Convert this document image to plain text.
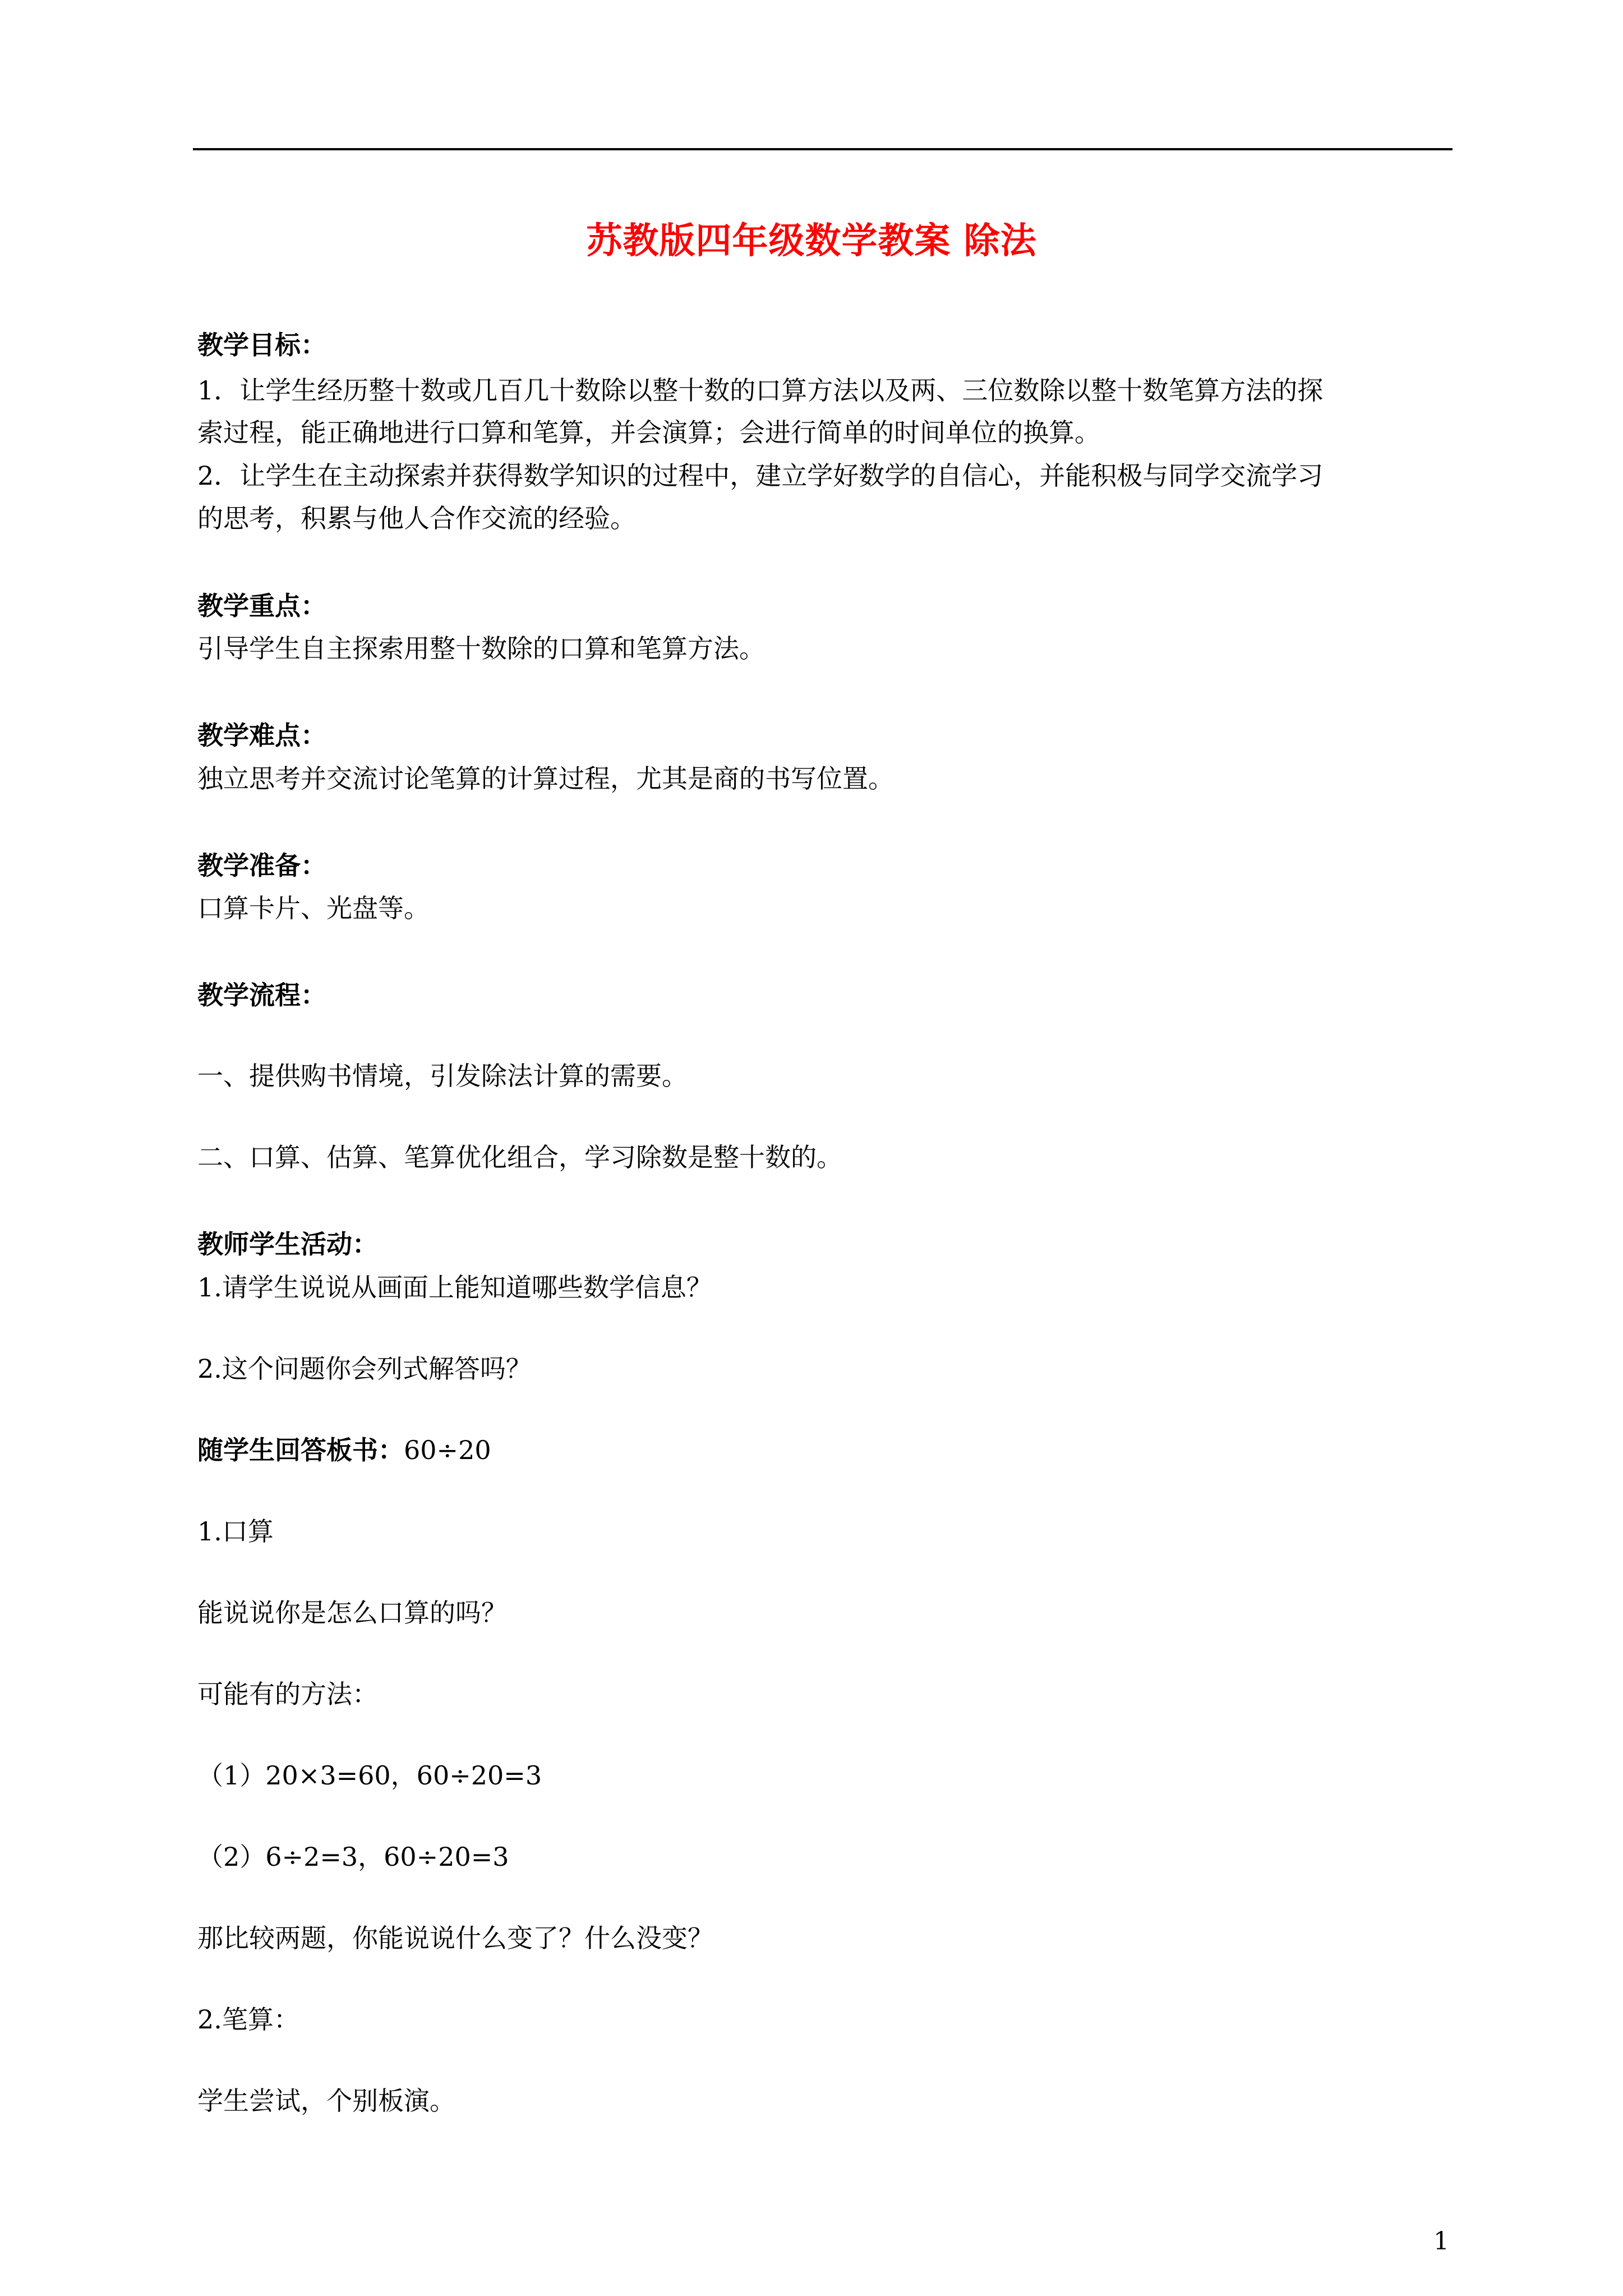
苏教版四年级数学教案 除法
教学目标：
1．让学生经历整十数或几百几十数除以整十数的口算方法以及两、三位数除以整十数笔算方法的探
索过程，能正确地进行口算和笔算，并会演算；会进行简单的时间单位的换算。
2．让学生在主动探索并获得数学知识的过程中，建立学好数学的自信心，并能积极与同学交流学习
的思考，积累与他人合作交流的经验。
教学重点：
引导学生自主探索用整十数除的口算和笔算方法。
教学难点：
独立思考并交流讨论笔算的计算过程，尤其是商的书写位置。
教学准备：
口算卡片、光盘等。
教学流程：
一、提供购书情境，引发除法计算的需要。
二、口算、估算、笔算优化组合，学习除数是整十数的。
教师学生活动：
1.请学生说说从画面上能知道哪些数学信息？
2.这个问题你会列式解答吗？
随学生回答板书：60÷20
1.口算
能说说你是怎么口算的吗？
可能有的方法：
（1）20×3=60，60÷20=3
（2）6÷2=3，60÷20=3
那比较两题，你能说说什么变了？什么没变？
2.笔算：
学生尝试，个别板演。
1
